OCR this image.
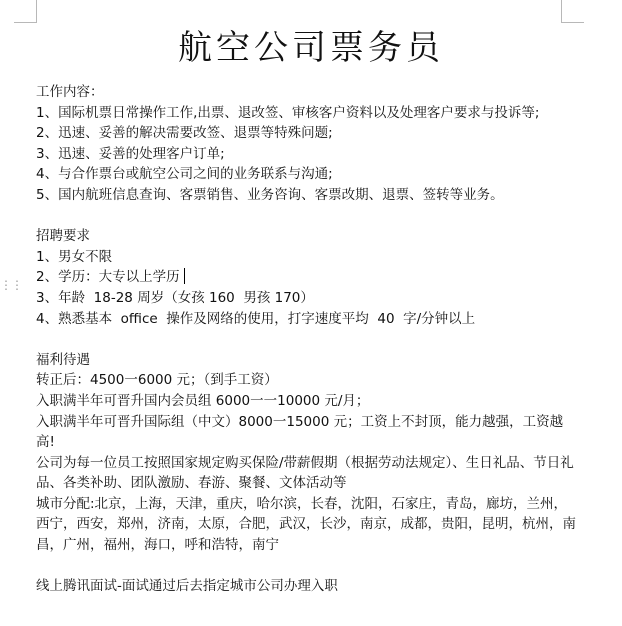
⋮⋮
航空公司票务员
工作内容：
1、国际机票日常操作工作,出票、退改签、审核客户资料以及处理客户要求与投诉等;
2、迅速、妥善的解决需要改签、退票等特殊问题;
3、迅速、妥善的处理客户订单;
4、与合作票台或航空公司之间的业务联系与沟通;
5、国内航班信息查询、客票销售、业务咨询、客票改期、退票、签转等业务。
招聘要求
1、男女不限
2、学历：大专以上学历
3、年龄  18-28 周岁（女孩 160  男孩 170）
4、熟悉基本  office  操作及网络的使用，打字速度平均  40  字/分钟以上
福利待遇
转正后：4500一6000 元；（到手工资）
入职满半年可晋升国内会员组 6000一一10000 元/月；
入职满半年可晋升国际组（中文）8000一15000 元；工资上不封顶，能力越强，工资越高!
公司为每一位员工按照国家规定购买保险/带薪假期（根据劳动法规定）、生日礼品、节日礼品、各类补助、团队激励、春游、聚餐、文体活动等
城市分配:北京，上海，天津，重庆，哈尔滨，长春，沈阳，石家庄，青岛，廊坊，兰州， 西宁，西安，郑州，济南，太原，合肥，武汉，长沙，南京，成都，贵阳，昆明，杭州，南昌，广州，福州，海口，呼和浩特，南宁
线上腾讯面试-面试通过后去指定城市公司办理入职
